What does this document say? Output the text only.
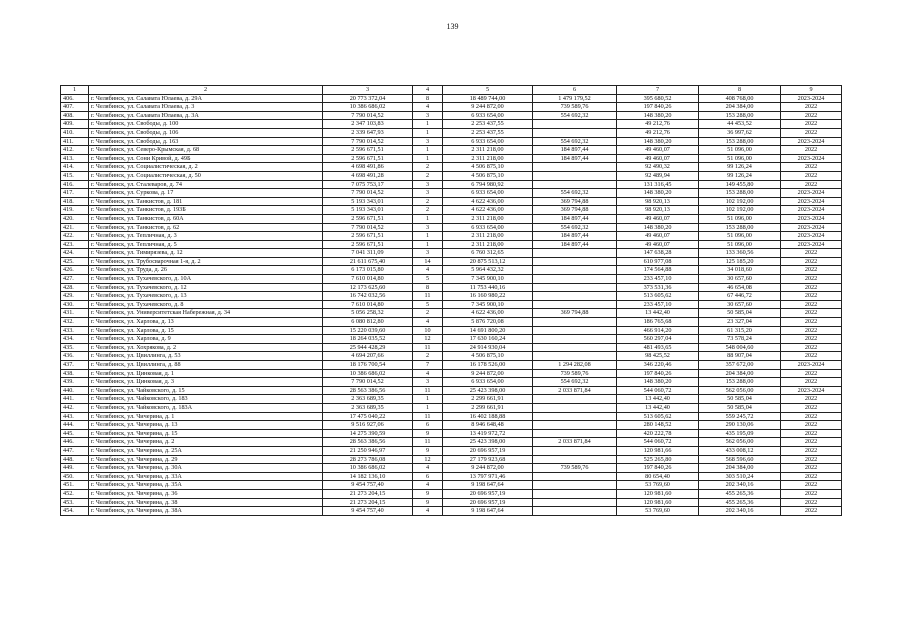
139
1	2	3	4	5	6	7	8	9
406.	г. Челябинск, ул. Салавата Юлаева, д. 29А	20 773 372,04	8	18 489 744,00	1 479 179,52	395 680,52	408 768,00	2023-2024
407.	г. Челябинск, ул. Салавата Юлаева, д. 3	10 386 686,02	4	9 244 872,00	739 589,76	197 840,26	204 384,00	2022
408.	г. Челябинск, ул. Салавата Юлаева, д. 3А	7 790 014,52	3	6 933 654,00	554 692,32	148 380,20	153 288,00	2022
409.	г. Челябинск, ул. Свободы, д. 100	2 347 103,83	1	2 253 437,55		49 212,76	44 453,52	2022
410.	г. Челябинск, ул. Свободы, д. 106	2 339 647,93	1	2 253 437,55		49 212,76	36 997,62	2022
411.	г. Челябинск, ул. Свободы, д. 163	7 790 014,52	3	6 933 654,00	554 692,32	148 380,20	153 288,00	2023-2024
412.	г. Челябинск, ул. Северо-Крымская, д. 68	2 596 671,51	1	2 311 218,00	184 897,44	49 460,07	51 096,00	2022
413.	г. Челябинск, ул. Сони Кривой, д. 49Б	2 596 671,51	1	2 311 218,00	184 897,44	49 460,07	51 096,00	2023-2024
414.	г. Челябинск, ул. Социалистическая, д. 2	4 698 491,86	2	4 506 875,10		92 490,32	99 126,24	2022
415.	г. Челябинск, ул. Социалистическая, д. 50	4 698 491,28	2	4 506 875,10		92 489,94	99 126,24	2022
416.	г. Челябинск, ул. Сталеваров, д. 74	7 075 753,17	3	6 794 980,92		131 316,45	149 455,80	2022
417.	г. Челябинск, ул. Суркова, д. 17	7 790 014,52	3	6 933 654,00	554 692,32	148 380,20	153 288,00	2023-2024
418.	г. Челябинск, ул. Танкистов, д. 181	5 193 343,01	2	4 622 436,00	369 794,88	98 920,13	102 192,00	2023-2024
419.	г. Челябинск, ул. Танкистов, д. 193Б	5 193 343,01	2	4 622 436,00	369 794,88	98 920,13	102 192,00	2023-2024
420.	г. Челябинск, ул. Танкистов, д. 60А	2 596 671,51	1	2 311 218,00	184 897,44	49 460,07	51 096,00	2023-2024
421.	г. Челябинск, ул. Танкистов, д. 62	7 790 014,52	3	6 933 654,00	554 692,32	148 380,20	153 288,00	2023-2024
422.	г. Челябинск, ул. Тепличная, д. 3	2 596 671,51	1	2 311 218,00	184 897,44	49 460,07	51 096,00	2023-2024
423.	г. Челябинск, ул. Тепличная, д. 5	2 596 671,51	1	2 311 218,00	184 897,44	49 460,07	51 096,00	2023-2024
424.	г. Челябинск, ул. Тимирязева, д. 12	7 041 311,09	3	6 760 312,65		147 638,28	133 360,56	2022
425.	г. Челябинск, ул. Трубосварочная 1-я, д. 2	21 611 675,40	14	20 875 513,12		610 977,08	125 185,20	2022
426.	г. Челябинск, ул. Труда, д. 26	6 173 015,80	4	5 964 432,32		174 564,88	34 018,60	2022
427.	г. Челябинск, ул. Тухачевского, д. 10А	7 610 014,80	5	7 345 900,10		233 457,10	30 657,60	2022
428.	г. Челябинск, ул. Тухачевского, д. 12	12 173 625,60	8	11 753 440,16		373 531,36	46 654,08	2022
429.	г. Челябинск, ул. Тухачевского, д. 13	16 742 032,56	11	16 160 980,22		513 605,62	67 446,72	2022
430.	г. Челябинск, ул. Тухачевского, д. 8	7 610 014,80	5	7 345 900,10		233 457,10	30 657,60	2022
431.	г. Челябинск, ул. Университетская Набережная, д. 34	5 056 258,32	2	4 622 436,00	369 794,88	13 442,40	50 585,04	2022
432.	г. Челябинск, ул. Харлова, д. 13	6 080 812,80	4	5 876 720,08		186 765,68	23 327,04	2022
433.	г. Челябинск, ул. Харлова, д. 15	15 220 039,60	10	14 691 800,20		466 914,20	61 315,20	2022
434.	г. Челябинск, ул. Харлова, д. 9	18 264 035,52	12	17 630 160,24		560 297,04	73 578,24	2022
435.	г. Челябинск, ул. Хохрякова, д. 2	25 944 428,29	11	24 914 930,04		481 493,65	548 004,60	2022
436.	г. Челябинск, ул. Цвиллинга, д. 53	4 694 207,66	2	4 506 875,10		98 425,52	88 907,04	2022
437.	г. Челябинск, ул. Цвиллинга, д. 88	18 176 700,54	7	16 178 526,00	1 294 282,08	346 220,46	357 672,00	2023-2024
438.	г. Челябинск, ул. Цинковая, д. 1	10 386 686,02	4	9 244 872,00	739 589,76	197 840,26	204 384,00	2022
439.	г. Челябинск, ул. Цинковая, д. 3	7 790 014,52	3	6 933 654,00	554 692,32	148 380,20	153 288,00	2022
440.	г. Челябинск, ул. Чайковского, д. 15	28 563 386,56	11	25 423 398,00	2 033 871,84	544 060,72	562 056,00	2023-2024
441.	г. Челябинск, ул. Чайковского, д. 183	2 363 689,35	1	2 299 661,91		13 442,40	50 585,04	2022
442.	г. Челябинск, ул. Чайковского, д. 183А	2 363 689,35	1	2 299 661,91		13 442,40	50 585,04	2022
443.	г. Челябинск, ул. Чичерина, д. 1	17 475 040,22	11	16 402 188,88		513 605,62	559 245,72	2022
444.	г. Челябинск, ул. Чичерина, д. 13	9 516 927,06	6	8 946 648,48		280 148,52	290 130,06	2022
445.	г. Челябинск, ул. Чичерина, д. 15	14 275 390,59	9	13 419 972,72		420 222,78	435 195,09	2022
446.	г. Челябинск, ул. Чичерина, д. 2	28 563 386,56	11	25 423 398,00	2 033 871,84	544 060,72	562 056,00	2022
447.	г. Челябинск, ул. Чичерина, д. 25А	21 250 946,97	9	20 696 957,19		120 981,66	433 008,12	2022
448.	г. Челябинск, ул. Чичерина, д. 29	28 273 786,08	12	27 179 923,68		525 265,80	568 596,60	2022
449.	г. Челябинск, ул. Чичерина, д. 30А	10 386 686,02	4	9 244 872,00	739 589,76	197 840,26	204 384,00	2022
450.	г. Челябинск, ул. Чичерина, д. 33А	14 182 136,10	6	13 797 971,46		80 654,40	303 510,24	2022
451.	г. Челябинск, ул. Чичерина, д. 35А	9 454 757,40	4	9 198 647,64		53 769,60	202 340,16	2022
452.	г. Челябинск, ул. Чичерина, д. 36	21 273 204,15	9	20 696 957,19		120 981,60	455 265,36	2022
453.	г. Челябинск, ул. Чичерина, д. 38	21 273 204,15	9	20 696 957,19		120 981,60	455 265,36	2022
454.	г. Челябинск, ул. Чичерина, д. 38А	9 454 757,40	4	9 198 647,64		53 769,60	202 340,16	2022
